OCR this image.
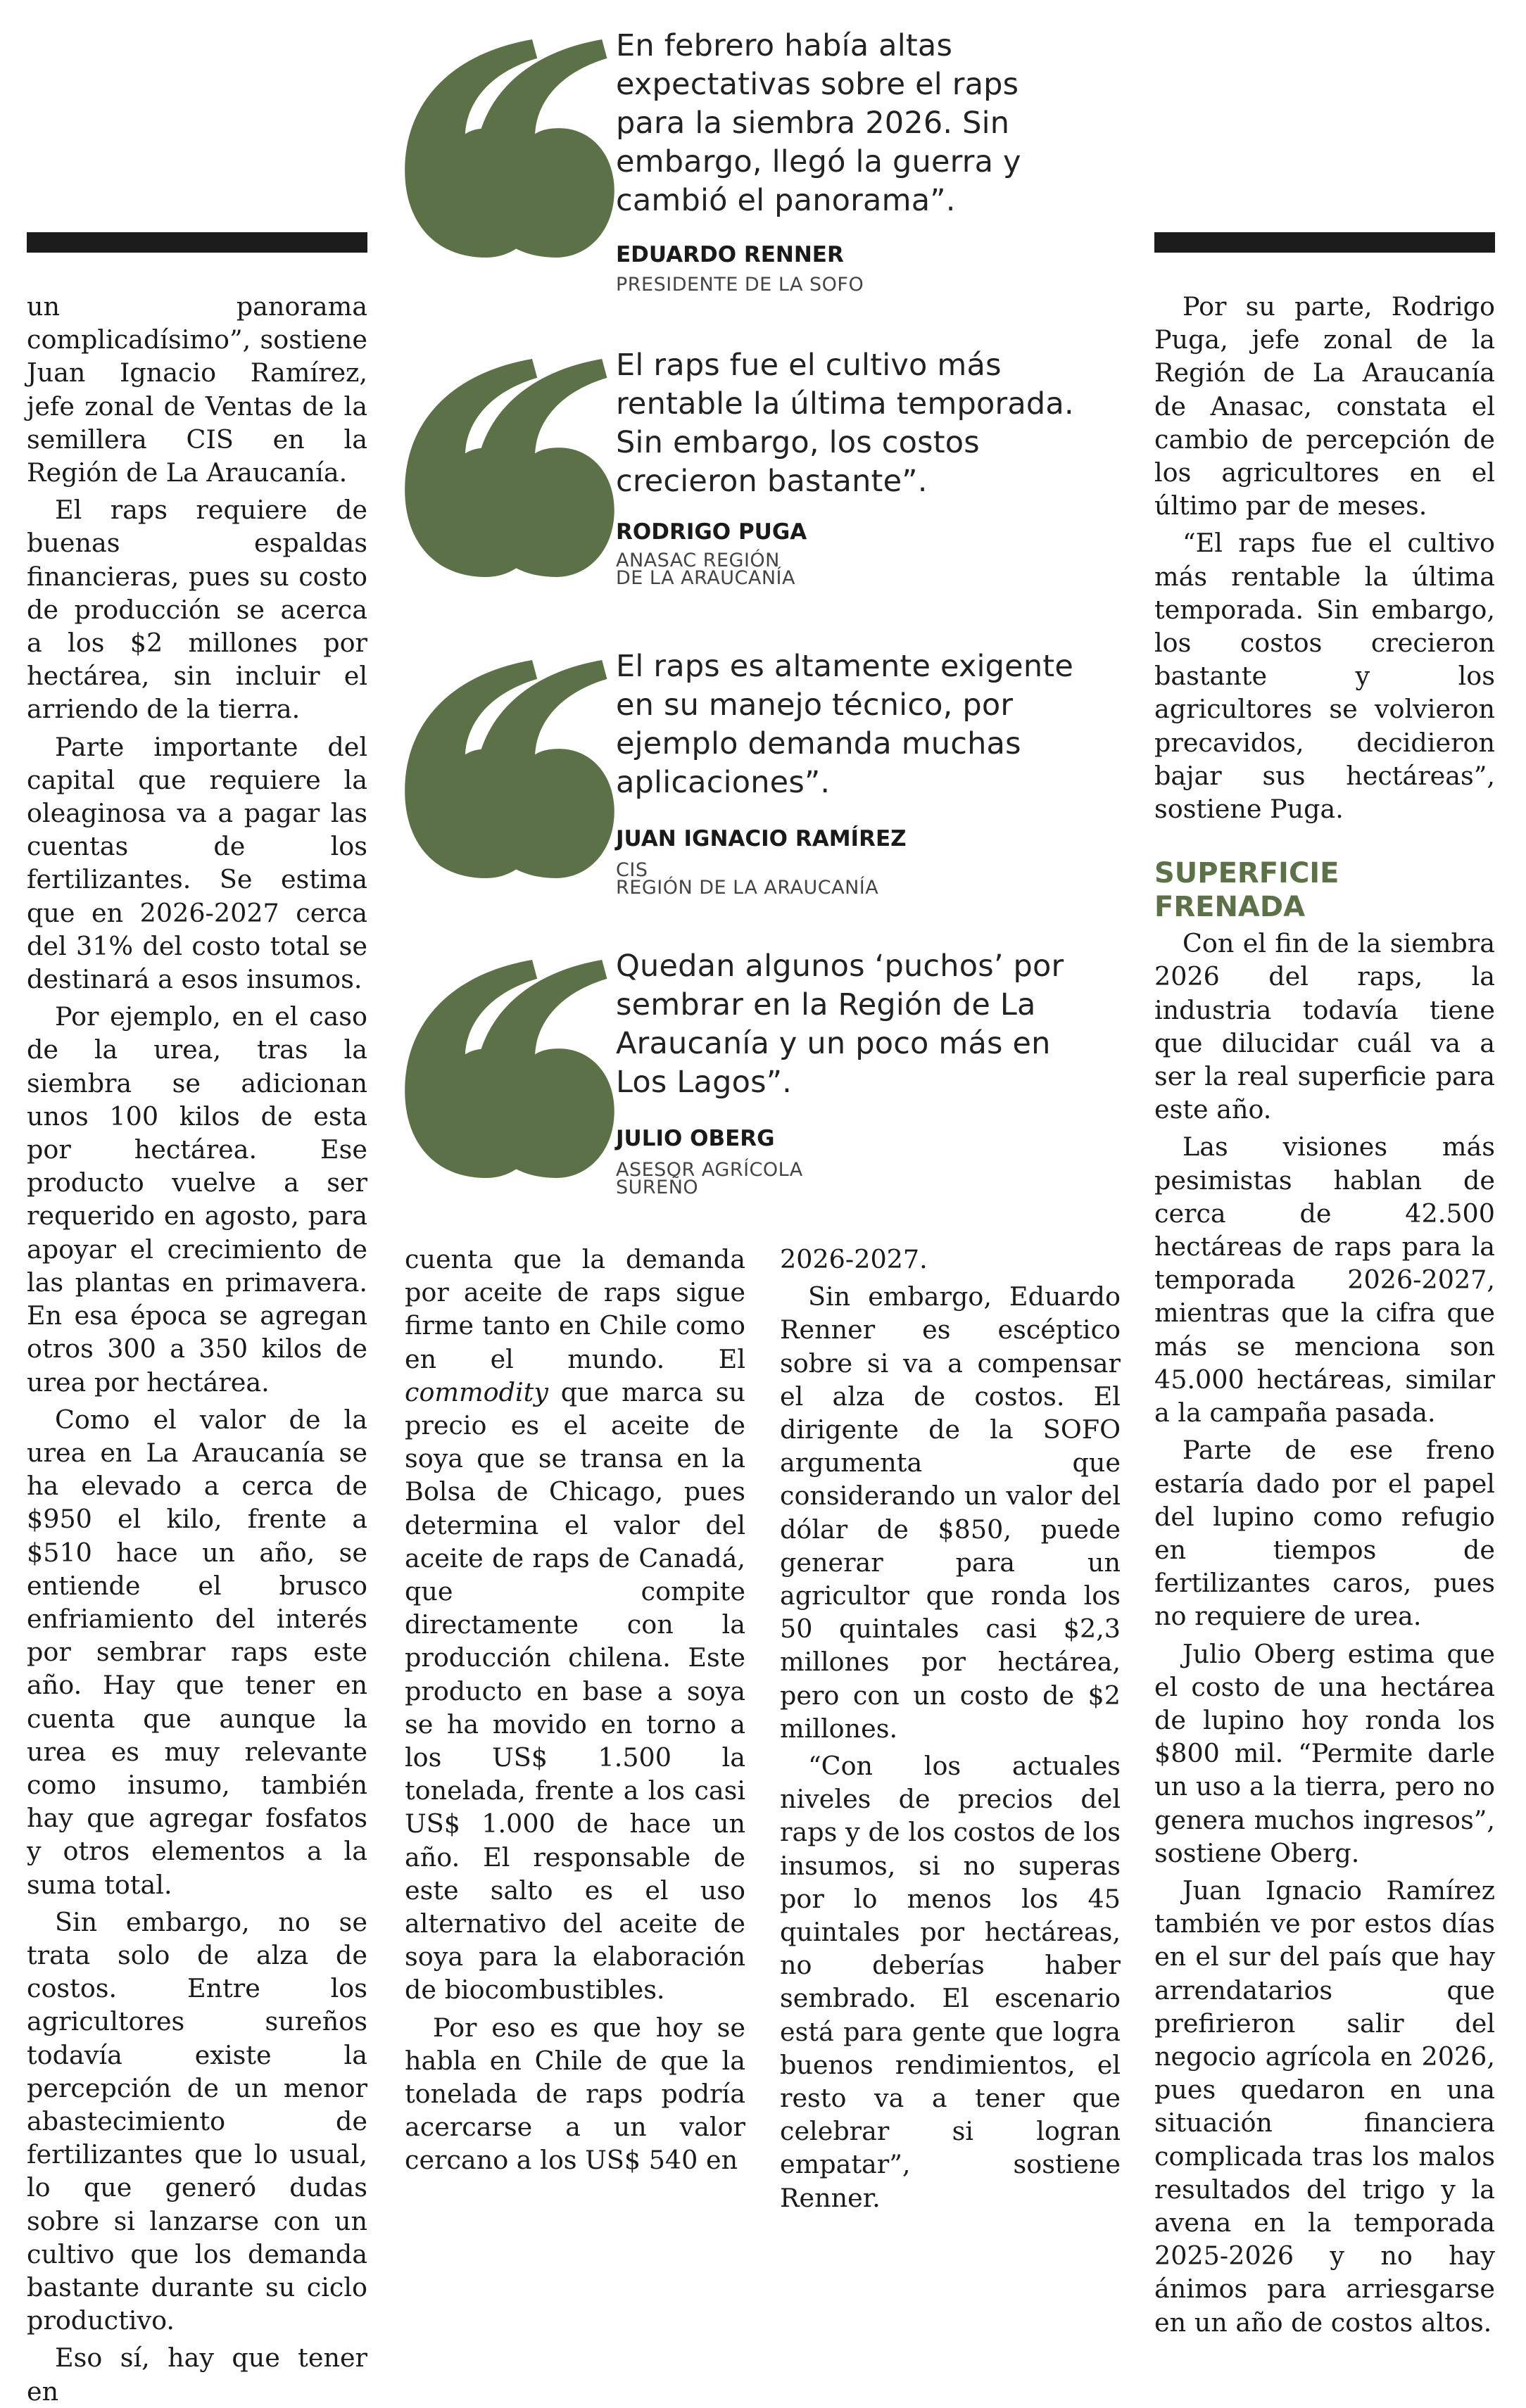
En febrero había altas expectativas sobre el raps para la siembra 2026. Sin embargo, llegó la guerra y cambió el panorama”.
EDUARDO RENNER
PRESIDENTE DE LA SOFO
El raps fue el cultivo más rentable la última temporada. Sin embargo, los costos crecieron bastante”.
RODRIGO PUGA
ANASAC REGIÓN
DE LA ARAUCANÍA
El raps es altamente exigente en su manejo técnico, por ejemplo demanda muchas aplicaciones”.
JUAN IGNACIO RAMÍREZ
CIS
REGIÓN DE LA ARAUCANÍA
Quedan algunos ‘puchos’ por sembrar en la Región de La Araucanía y un poco más en Los Lagos”.
JULIO OBERG
ASESOR AGRÍCOLA
SUREÑO

un panorama complicadísimo”, sostiene Juan Ignacio Ramírez, jefe zonal de Ventas de la semillera CIS en la Región de La Araucanía.

El raps requiere de buenas espaldas financieras, pues su costo de producción se acerca a los $2 millones por hectárea, sin incluir el arriendo de la tierra.

Parte importante del capital que requiere la oleaginosa va a pagar las cuentas de los fertilizantes. Se estima que en 2026-2027 cerca del 31% del costo total se destinará a esos insumos.

Por ejemplo, en el caso de la urea, tras la siembra se adicionan unos 100 kilos de esta por hectárea. Ese producto vuelve a ser requerido en agosto, para apoyar el crecimiento de las plantas en primavera. En esa época se agregan otros 300 a 350 kilos de urea por hectárea.

Como el valor de la urea en La Araucanía se ha elevado a cerca de $950 el kilo, frente a $510 hace un año, se entiende el brusco enfriamiento del interés por sembrar raps este año. Hay que tener en cuenta que aunque la urea es muy relevante como insumo, también hay que agregar fosfatos y otros elementos a la suma total.

Sin embargo, no se trata solo de alza de costos. Entre los agricultores sureños todavía existe la percepción de un menor abastecimiento de fertilizantes que lo usual, lo que generó dudas sobre si lanzarse con un cultivo que los demanda bastante durante su ciclo productivo.

Eso sí, hay que tener en

cuenta que la demanda por aceite de raps sigue firme tanto en Chile como en el mundo. El commodity que marca su precio es el aceite de soya que se transa en la Bolsa de Chicago, pues determina el valor del aceite de raps de Canadá, que compite directamente con la producción chilena. Este producto en base a soya se ha movido en torno a los US$ 1.500 la tonelada, frente a los casi US$ 1.000 de hace un año. El responsable de este salto es el uso alternativo del aceite de soya para la elaboración de biocombustibles.

Por eso es que hoy se habla en Chile de que la tonelada de raps podría acercarse a un valor cercano a los US$ 540 en

2026-2027.

Sin embargo, Eduardo Renner es escéptico sobre si va a compensar el alza de costos. El dirigente de la SOFO argumenta que considerando un valor del dólar de $850, puede generar para un agricultor que ronda los 50 quintales casi $2,3 millones por hectárea, pero con un costo de $2 millones.

“Con los actuales niveles de precios del raps y de los costos de los insumos, si no superas por lo menos los 45 quintales por hectáreas, no deberías haber sembrado. El escenario está para gente que logra buenos rendimientos, el resto va a tener que celebrar si logran empatar”, sostiene Renner.

Por su parte, Rodrigo Puga, jefe zonal de la Región de La Araucanía de Anasac, constata el cambio de percepción de los agricultores en el último par de meses.

“El raps fue el cultivo más rentable la última temporada. Sin embargo, los costos crecieron bastante y los agricultores se volvieron precavidos, decidieron bajar sus hectáreas”, sostiene Puga.

SUPERFICIE FRENADA

Con el fin de la siembra 2026 del raps, la industria todavía tiene que dilucidar cuál va a ser la real superficie para este año.

Las visiones más pesimistas hablan de cerca de 42.500 hectáreas de raps para la temporada 2026-2027, mientras que la cifra que más se menciona son 45.000 hectáreas, similar a la campaña pasada.

Parte de ese freno estaría dado por el papel del lupino como refugio en tiempos de fertilizantes caros, pues no requiere de urea.

Julio Oberg estima que el costo de una hectárea de lupino hoy ronda los $800 mil. “Permite darle un uso a la tierra, pero no genera muchos ingresos”, sostiene Oberg.

Juan Ignacio Ramírez también ve por estos días en el sur del país que hay arrendatarios que prefirieron salir del negocio agrícola en 2026, pues quedaron en una situación financiera complicada tras los malos resultados del trigo y la avena en la temporada 2025-2026 y no hay ánimos para arriesgarse en un año de costos altos.
